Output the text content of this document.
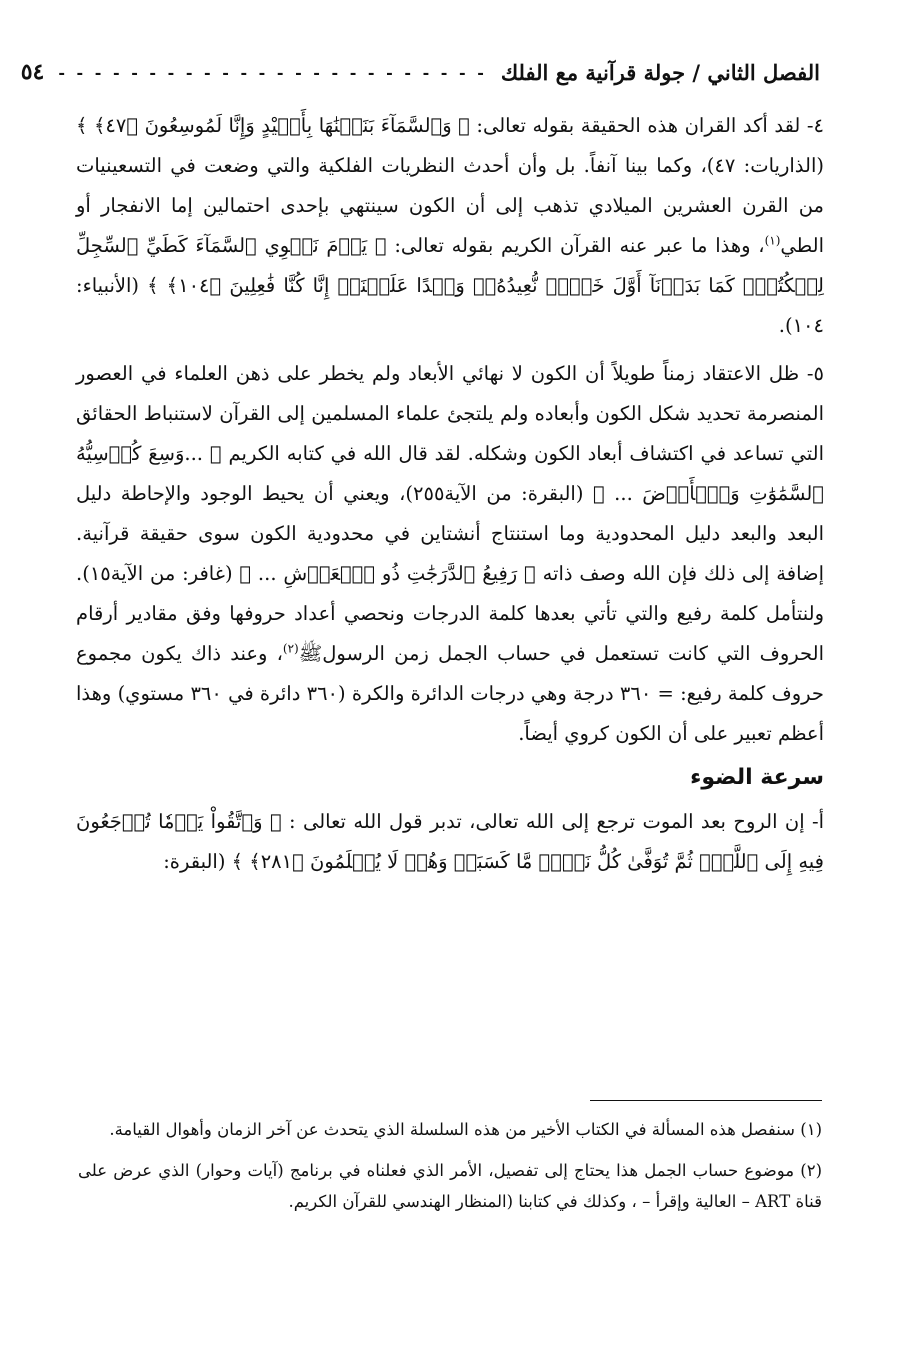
الفصل الثاني / جولة قرآنية مع الفلك
- - - - - - - - - - - - - - - - - - - - - - - -
٥٤

٤- لقد أكد القران هذه الحقيقة بقوله تعالى: ﴿ وَٱلسَّمَآءَ بَنَيۡنَٰهَا بِأَيۡيْدٍ وَإِنَّا لَمُوسِعُونَ ﴿٤٧﴾ ﴾ (الذاريات: ٤٧)، وكما بينا آنفاً. بل وأن أحدث النظريات الفلكية والتي وضعت في التسعينيات من القرن العشرين الميلادي تذهب إلى أن الكون سينتهي بإحدى احتمالين إما الانفجار أو الطي$^{(١)}$، وهذا ما عبر عنه القرآن الكريم بقوله تعالى: ﴿ يَوۡمَ نَطۡوِي ٱلسَّمَآءَ كَطَيِّ ٱلسِّجِلِّ لِلۡكُتُبِۚ كَمَا بَدَأۡنَآ أَوَّلَ خَلۡقٖ نُّعِيدُهُۥۚ وَعۡدًا عَلَيۡنَآۚ إِنَّا كُنَّا فَٰعِلِينَ ﴿١٠٤﴾ ﴾ (الأنبياء: ١٠٤).

٥- ظل الاعتقاد زمناً طويلاً أن الكون لا نهائي الأبعاد ولم يخطر على ذهن العلماء في العصور المنصرمة تحديد شكل الكون وأبعاده ولم يلتجئ علماء المسلمين إلى القرآن لاستنباط الحقائق التي تساعد في اكتشاف أبعاد الكون وشكله. لقد قال الله في كتابه الكريم ﴿ ...وَسِعَ كُرۡسِيُّهُ ٱلسَّمَٰوَٰتِ وَٱلۡأَرۡضَ ... ﴾ (البقرة: من الآية٢٥٥)، ويعني أن يحيط الوجود والإحاطة دليل البعد والبعد دليل المحدودية وما استنتاج أنشتاين في محدودية الكون سوى حقيقة قرآنية. إضافة إلى ذلك فإن الله وصف ذاته ﴿ رَفِيعُ ٱلدَّرَجَٰتِ ذُو ٱلۡعَرۡشِ ... ﴾ (غافر: من الآية١٥). ولنتأمل كلمة رفيع والتي تأتي بعدها كلمة الدرجات ونحصي أعداد حروفها وفق مقادير أرقام الحروف التي كانت تستعمل في حساب الجمل زمن الرسولﷺ$^{(٢)}$، وعند ذاك يكون مجموع حروف كلمة رفيع: = ٣٦٠ درجة وهي درجات الدائرة والكرة (٣٦٠ دائرة في ٣٦٠ مستوي) وهذا أعظم تعبير على أن الكون كروي أيضاً.

سرعة الضوء

أ- إن الروح بعد الموت ترجع إلى الله تعالى، تدبر قول الله تعالى : ﴿ وَٱتَّقُواْ يَوۡمٗا تُرۡجَعُونَ فِيهِ إِلَى ٱللَّهِۖ ثُمَّ تُوَفَّىٰ كُلُّ نَفۡسٖ مَّا كَسَبَتۡ وَهُمۡ لَا يُظۡلَمُونَ ﴿٢٨١﴾ ﴾ (البقرة:

(١) سنفصل هذه المسألة في الكتاب الأخير من هذه السلسلة الذي يتحدث عن آخر الزمان وأهوال القيامة.

(٢) موضوع حساب الجمل هذا يحتاج إلى تفصيل، الأمر الذي فعلناه في برنامج (آيات وحوار) الذي عرض على قناة ART – العالية وإقرأ – ، وكذلك في كتابنا (المنظار الهندسي للقرآن الكريم.
